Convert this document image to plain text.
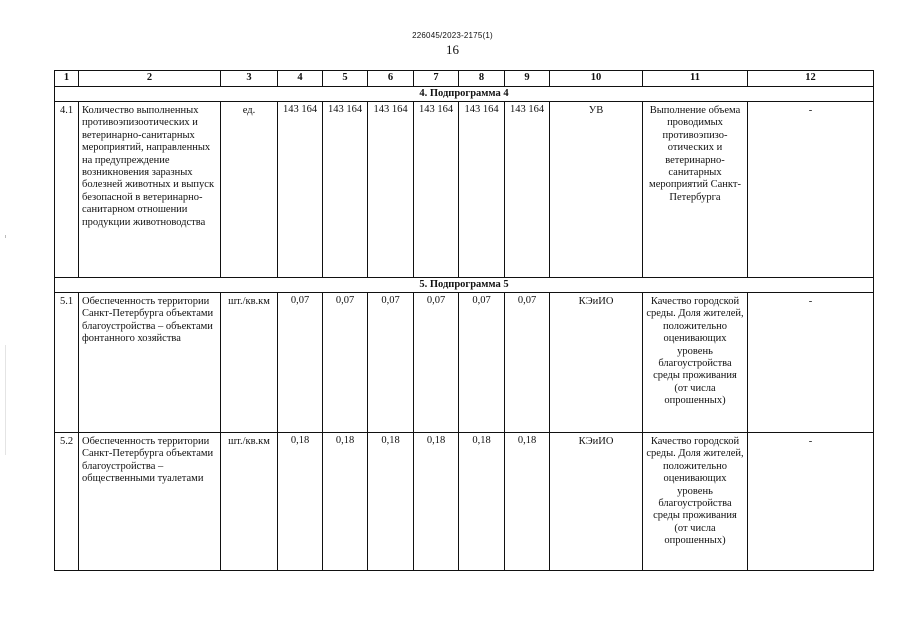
226045/2023-2175(1)
16
1	2	3	4	5	6	7	8	9	10	11	12
4. Подпрограмма 4											
4.1	Количество выполненных противоэпизоотических и ветеринарно-санитарных мероприятий, направленных на предупреждение возникновения заразных болезней животных и выпуск безопасной в ветеринарно-санитарном отношении продукции животноводства	ед.	143 164	143 164	143 164	143 164	143 164	143 164	УВ	Выполнение объема проводимых противоэпизо-отических и ветеринарно-санитарных мероприятий Санкт-Петербурга	-
5. Подпрограмма 5											
5.1	Обеспеченность территории Санкт-Петербурга объектами благоустройства – объектами фонтанного хозяйства	шт./кв.км	0,07	0,07	0,07	0,07	0,07	0,07	КЭиИО	Качество городской среды. Доля жителей, положительно оценивающих уровень благоустройства среды проживания (от числа опрошенных)	-
5.2	Обеспеченность территории Санкт-Петербурга объектами благоустройства – общественными туалетами	шт./кв.км	0,18	0,18	0,18	0,18	0,18	0,18	КЭиИО	Качество городской среды. Доля жителей, положительно оценивающих уровень благоустройства среды проживания (от числа опрошенных)	-
